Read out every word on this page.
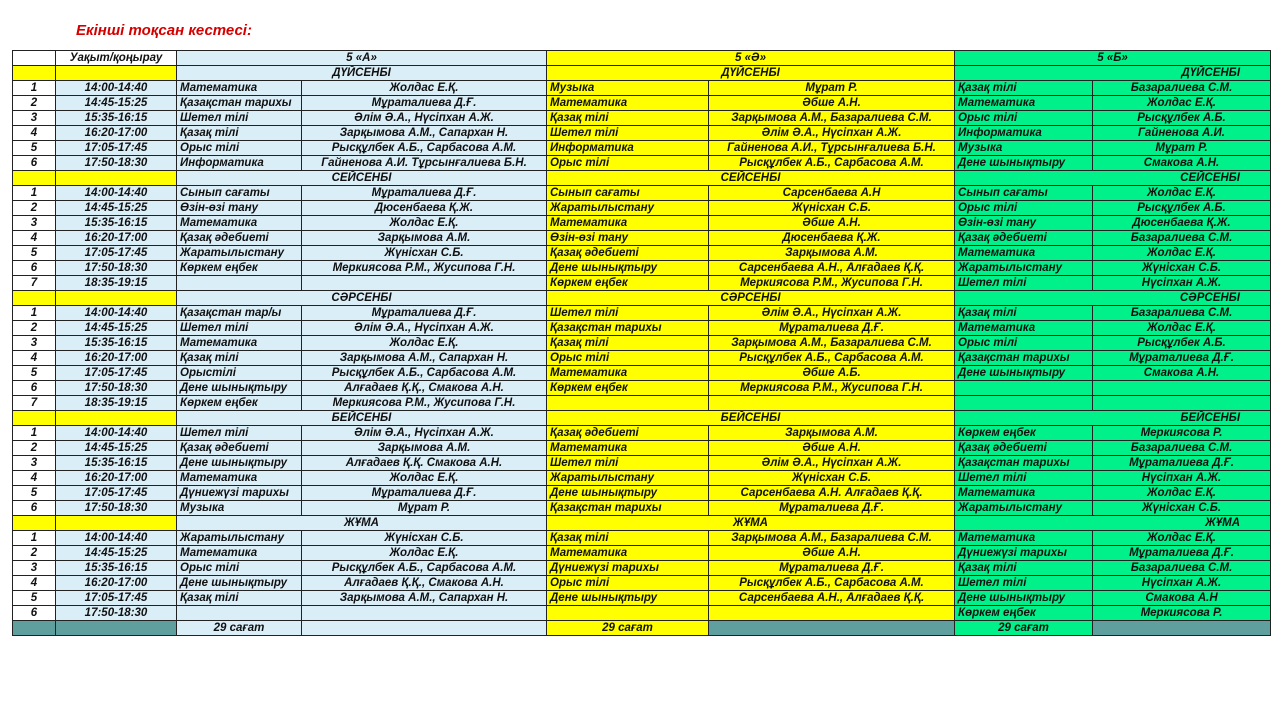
Екінші тоқсан кестесі:
	Уақыт/қоңырау	5 «А»		5 «Ә»		5 «Б»	
		ДҮЙСЕНБІ		ДҮЙСЕНБІ		ДҮЙСЕНБІ	
1	14:00-14:40	Математика	Жолдас Е.Қ.	Музыка	Мұрат Р.	Қазақ тілі	Базаралиева С.М.
2	14:45-15:25	Қазақстан тарихы	Мұраталиева Д.Ғ.	Математика	Әбше А.Н.	Математика	Жолдас Е.Қ.
3	15:35-16:15	Шетел тілі	Әлім Ә.А., Нүсіпхан А.Ж.	Қазақ тілі	Зарқымова А.М., Базаралиева С.М.	Орыс тілі	Рысқұлбек А.Б.
4	16:20-17:00	Қазақ тілі	Зарқымова А.М., Сапархан Н.	Шетел тілі	Әлім Ә.А., Нүсіпхан А.Ж.	Информатика	Гайненова А.И.
5	17:05-17:45	Орыс тілі	Рысқұлбек А.Б., Сарбасова А.М.	Информатика	Гайненова А.И., Тұрсынғалиева Б.Н.	Музыка	Мұрат Р.
6	17:50-18:30	Информатика	Гайненова А.И. Тұрсынғалиева Б.Н.	Орыс тілі	Рысқұлбек А.Б., Сарбасова А.М.	Дене шынықтыру	Смакова А.Н.
		СЕЙСЕНБІ		СЕЙСЕНБІ		СЕЙСЕНБІ	
1	14:00-14:40	Сынып сағаты	Мұраталиева Д.Ғ.	Сынып сағаты	Сарсенбаева А.Н	Сынып сағаты	Жолдас Е.Қ.
2	14:45-15:25	Өзін-өзі тану	Дюсенбаева Қ.Ж.	Жаратылыстану	Жүнісхан С.Б.	Орыс тілі	Рысқұлбек А.Б.
3	15:35-16:15	Математика	Жолдас Е.Қ.	Математика	Әбше А.Н.	Өзін-өзі тану	Дюсенбаева Қ.Ж.
4	16:20-17:00	Қазақ әдебиеті	Зарқымова А.М.	Өзін-өзі тану	Дюсенбаева Қ.Ж.	Қазақ әдебиеті	Базаралиева С.М.
5	17:05-17:45	Жаратылыстану	Жүнісхан С.Б.	Қазақ әдебиеті	Зарқымова А.М.	Математика	Жолдас Е.Қ.
6	17:50-18:30	Көркем еңбек	Меркиясова Р.М., Жусипова Г.Н.	Дене шынықтыру	Сарсенбаева А.Н., Алғадаев Қ.Қ.	Жаратылыстану	Жүнісхан С.Б.
7	18:35-19:15			Көркем еңбек	Меркиясова Р.М., Жусипова Г.Н.	Шетел тілі	Нүсіпхан А.Ж.
		СӘРСЕНБІ		СӘРСЕНБІ		СӘРСЕНБІ	
1	14:00-14:40	Қазақстан тар/ы	Мұраталиева Д.Ғ.	Шетел тілі	Әлім Ә.А., Нүсіпхан А.Ж.	Қазақ тілі	Базаралиева С.М.
2	14:45-15:25	Шетел тілі	Әлім Ә.А., Нүсіпхан А.Ж.	Қазақстан тарихы	Мұраталиева Д.Ғ.	Математика	Жолдас Е.Қ.
3	15:35-16:15	Математика	Жолдас Е.Қ.	Қазақ тілі	Зарқымова А.М., Базаралиева С.М.	Орыс тілі	Рысқұлбек А.Б.
4	16:20-17:00	Қазақ тілі	Зарқымова А.М., Сапархан Н.	Орыс тілі	Рысқұлбек А.Б., Сарбасова А.М.	Қазақстан тарихы	Мұраталиева Д.Ғ.
5	17:05-17:45	Орыстілі	Рысқұлбек А.Б., Сарбасова А.М.	Математика	Әбше А.Б.	Дене шынықтыру	Смакова А.Н.
6	17:50-18:30	Дене шынықтыру	Алғадаев Қ.Қ., Смакова А.Н.	Көркем еңбек	Меркиясова Р.М., Жусипова Г.Н.		
7	18:35-19:15	Көркем еңбек	Меркиясова Р.М., Жусипова Г.Н.				
		БЕЙСЕНБІ		БЕЙСЕНБІ		БЕЙСЕНБІ	
1	14:00-14:40	Шетел тілі	Әлім Ә.А., Нүсіпхан А.Ж.	Қазақ әдебиеті	Зарқымова А.М.	Көркем еңбек	Меркиясова Р.
2	14:45-15:25	Қазақ әдебиеті	Зарқымова А.М.	Математика	Әбше А.Н.	Қазақ әдебиеті	Базаралиева С.М.
3	15:35-16:15	Дене шынықтыру	Алғадаев Қ.Қ. Смакова А.Н.	Шетел тілі	Әлім Ә.А., Нүсіпхан А.Ж.	Қазақстан тарихы	Мұраталиева Д.Ғ.
4	16:20-17:00	Математика	Жолдас Е.Қ.	Жаратылыстану	Жүнісхан С.Б.	Шетел тілі	Нүсіпхан А.Ж.
5	17:05-17:45	Дүниежүзі тарихы	Мұраталиева Д.Ғ.	Дене шынықтыру	Сарсенбаева А.Н. Алғадаев Қ.Қ.	Математика	Жолдас Е.Қ.
6	17:50-18:30	Музыка	Мұрат Р.	Қазақстан тарихы	Мұраталиева Д.Ғ.	Жаратылыстану	Жүнісхан С.Б.
		ЖҰМА		ЖҰМА		ЖҰМА	
1	14:00-14:40	Жаратылыстану	Жүнісхан С.Б.	Қазақ тілі	Зарқымова А.М., Базаралиева С.М.	Математика	Жолдас Е.Қ.
2	14:45-15:25	Математика	Жолдас Е.Қ.	Математика	Әбше А.Н.	Дүниежүзі тарихы	Мұраталиева Д.Ғ.
3	15:35-16:15	Орыс тілі	Рысқұлбек А.Б., Сарбасова А.М.	Дүниежүзі тарихы	Мұраталиева Д.Ғ.	Қазақ тілі	Базаралиева С.М.
4	16:20-17:00	Дене шынықтыру	Алғадаев Қ.Қ., Смакова А.Н.	Орыс тілі	Рысқұлбек А.Б., Сарбасова А.М.	Шетел тілі	Нүсіпхан А.Ж.
5	17:05-17:45	Қазақ тілі	Зарқымова А.М., Сапархан Н.	Дене шынықтыру	Сарсенбаева А.Н., Алғадаев Қ.Қ.	Дене шынықтыру	Смакова А.Н
6	17:50-18:30					Көркем еңбек	Меркиясова Р.
		29 сағат		29 сағат		29 сағат	
